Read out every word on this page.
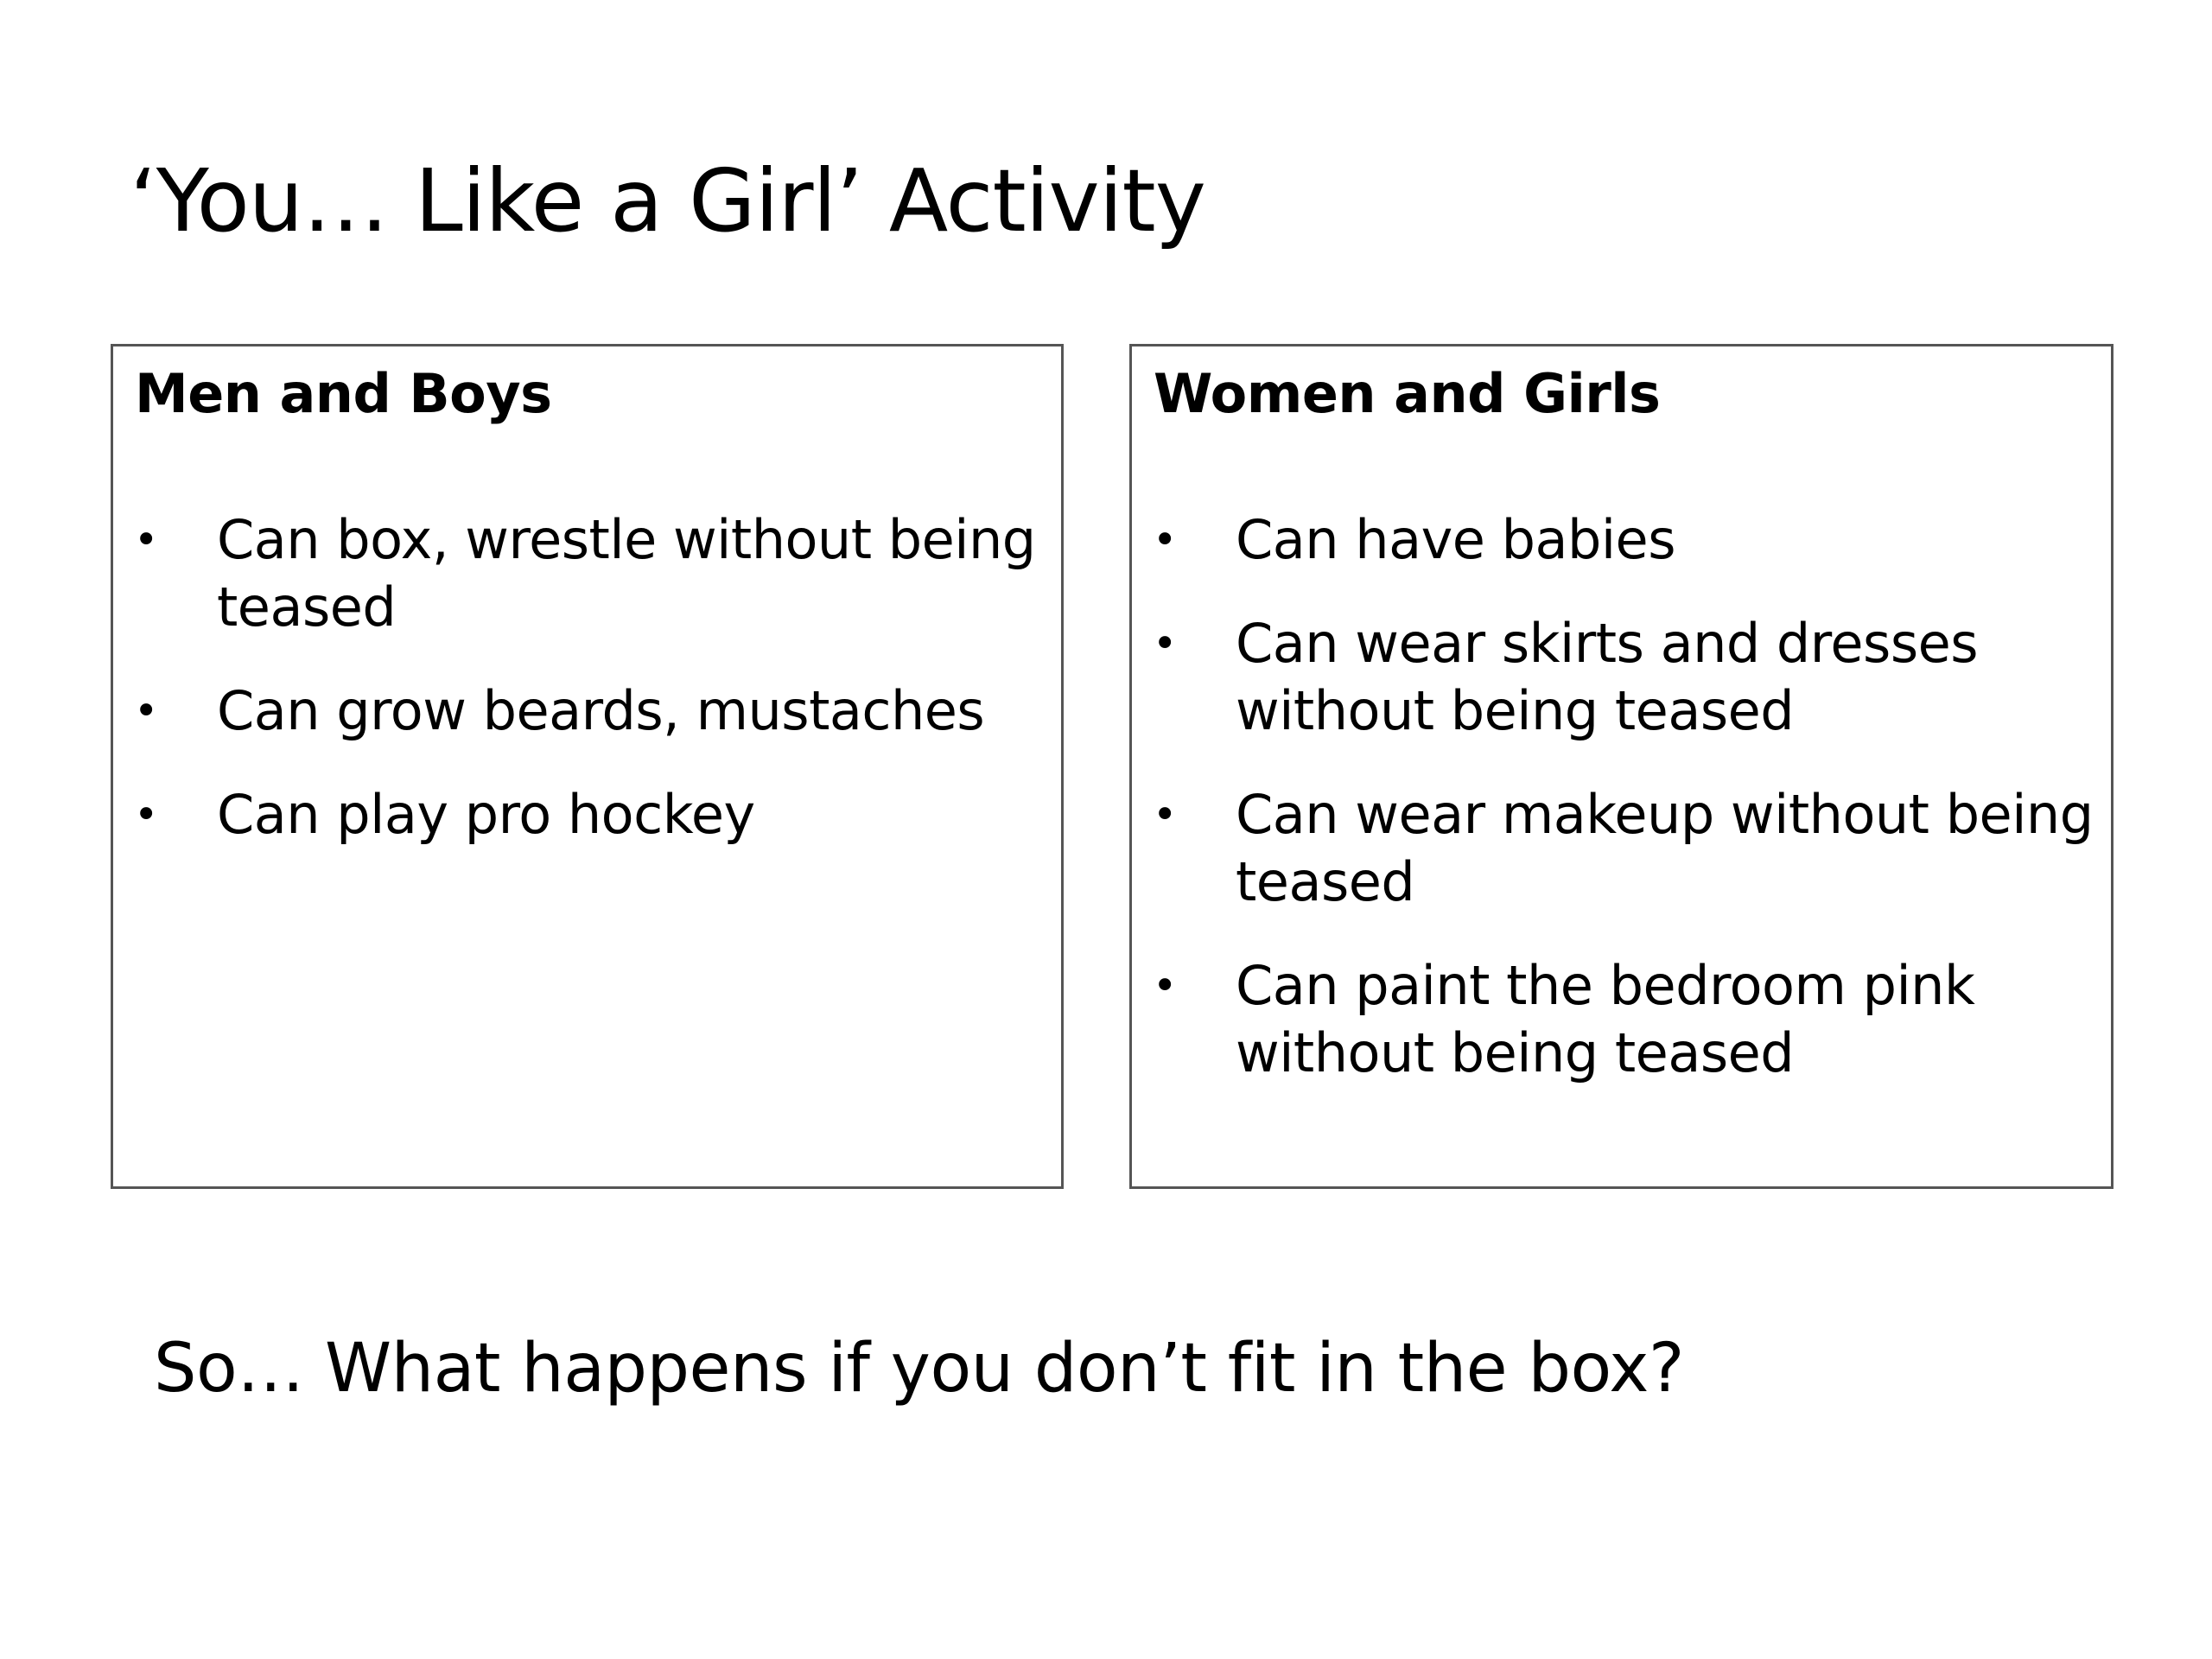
‘You… Like a Girl’ Activity
Men and Boys
• Can box, wrestle without being teased
• Can grow beards, mustaches
• Can play pro hockey
Women and Girls
• Can have babies
• Can wear skirts and dresses without being teased
• Can wear makeup without being teased
• Can paint the bedroom pink without being teased

So… What happens if you don’t fit in the box?
